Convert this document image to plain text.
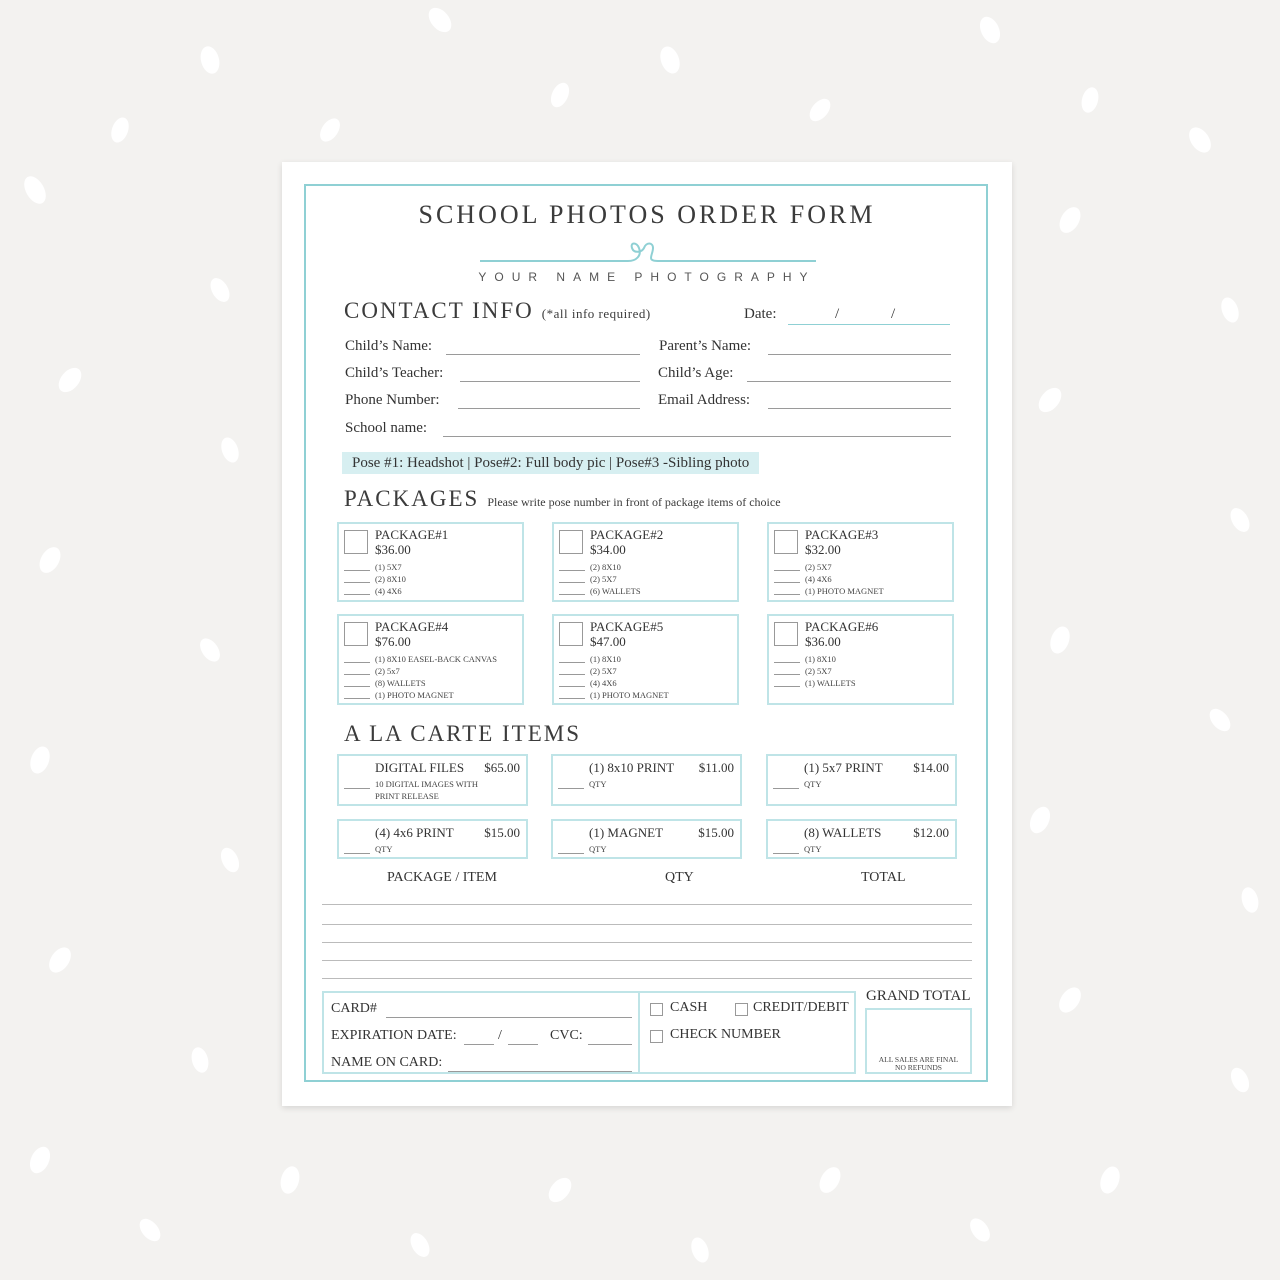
SCHOOL PHOTOS ORDER FORM
YOUR NAME PHOTOGRAPHY
CONTACT INFO (*all info required)	Date:	/	/
Child’s Name:	Parent’s Name:
Child’s Teacher:	Child’s Age:
Phone Number:	Email Address:
School name:
Pose #1: Headshot | Pose#2: Full body pic | Pose#3 -Sibling photo
PACKAGES Please write pose number in front of package items of choice
PACKAGE#1
$36.00
(1) 5X7
(2) 8X10
(4) 4X6
PACKAGE#2
$34.00
(2) 8X10
(2) 5X7
(6) WALLETS
PACKAGE#3
$32.00
(2) 5X7
(4) 4X6
(1) PHOTO MAGNET
PACKAGE#4
$76.00
(1) 8X10 EASEL-BACK CANVAS
(2) 5x7
(8) WALLETS
(1) PHOTO MAGNET
PACKAGE#5
$47.00
(1) 8X10
(2) 5X7
(4) 4X6
(1) PHOTO MAGNET
PACKAGE#6
$36.00
(1) 8X10
(2) 5X7
(1) WALLETS
A LA CARTE ITEMS
DIGITAL FILES $65.00
10 DIGITAL IMAGES WITH
PRINT RELEASE
(1) 8x10 PRINT $11.00
QTY
(1) 5x7 PRINT $14.00
QTY
(4) 4x6 PRINT $15.00
QTY
(1) MAGNET	$15.00
QTY
(8) WALLETS $12.00
QTY
PACKAGE / ITEM	QTY	TOTAL
CARD#
EXPIRATION DATE:	/	CVC:
NAME ON CARD:
CASH	CREDIT/DEBIT
CHECK NUMBER
GRAND TOTAL
ALL SALES ARE FINAL
NO REFUNDS
